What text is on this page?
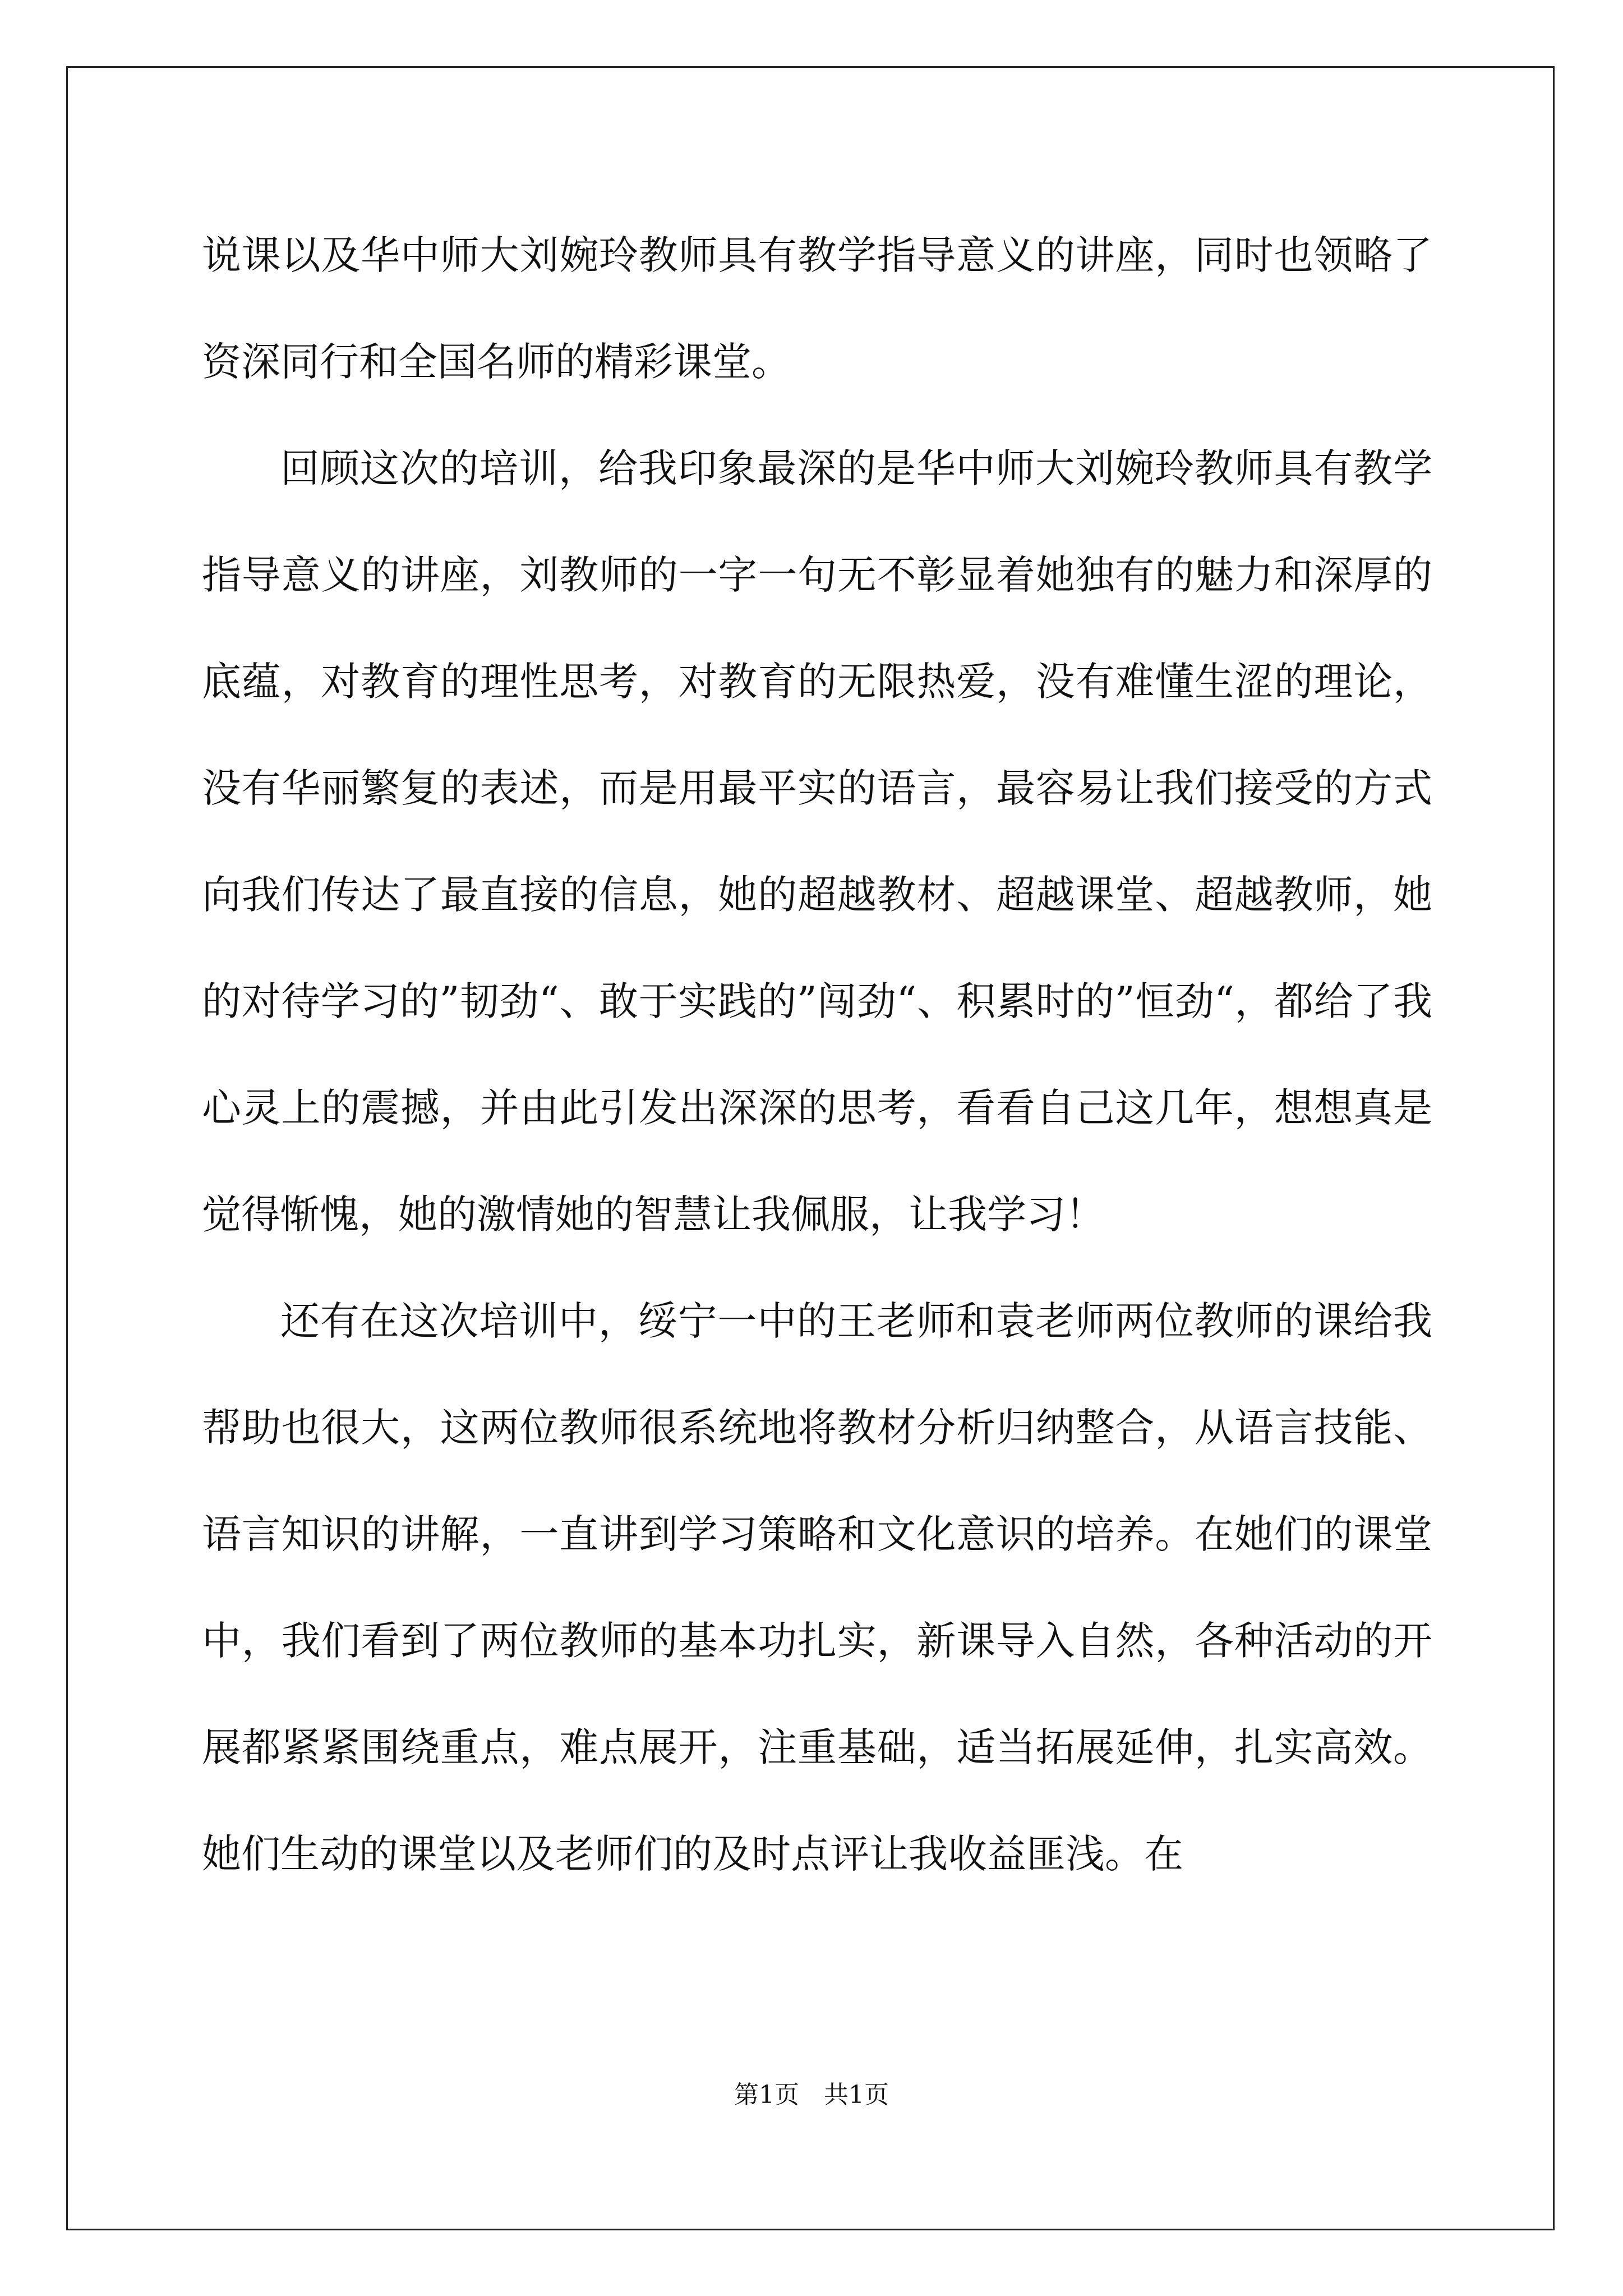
说课以及华中师大刘婉玲教师具有教学指导意义的讲座，同时也领略了资深同行和全国名师的精彩课堂。

回顾这次的培训，给我印象最深的是华中师大刘婉玲教师具有教学指导意义的讲座，刘教师的一字一句无不彰显着她独有的魅力和深厚的底蕴，对教育的理性思考，对教育的无限热爱，没有难懂生涩的理论，没有华丽繁复的表述，而是用最平实的语言，最容易让我们接受的方式向我们传达了最直接的信息，她的超越教材、超越课堂、超越教师，她的对待学习的”韧劲“、敢于实践的”闯劲“、积累时的”恒劲“，都给了我心灵上的震撼，并由此引发出深深的思考，看看自己这几年，想想真是觉得惭愧，她的激情她的智慧让我佩服，让我学习！

还有在这次培训中，绥宁一中的王老师和袁老师两位教师的课给我帮助也很大，这两位教师很系统地将教材分析归纳整合，从语言技能、语言知识的讲解，一直讲到学习策略和文化意识的培养。在她们的课堂中，我们看到了两位教师的基本功扎实，新课导入自然，各种活动的开展都紧紧围绕重点，难点展开，注重基础，适当拓展延伸，扎实高效。她们生动的课堂以及老师们的及时点评让我收益匪浅。在

第1页　共1页
